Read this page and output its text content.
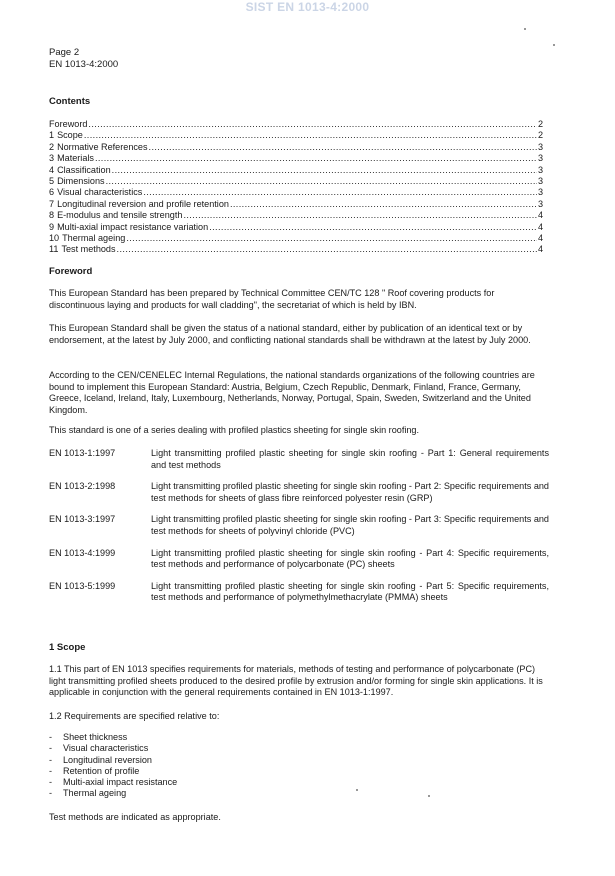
SIST EN 1013-4:2000
Page 2
EN 1013-4:2000
Contents
Foreword .....	2
1 Scope .....	2
2 Normative References .....	3
3 Materials .....	3
4 Classification .....	3
5 Dimensions .....	3
6 Visual characteristics .....	3
7 Longitudinal reversion and profile retention .....	3
8 E-modulus and tensile strength .....	4
9 Multi-axial impact resistance variation .....	4
10 Thermal ageing .....	4
11 Test methods .....	4
Foreword

This European Standard has been prepared by Technical Committee CEN/TC 128 " Roof covering products for discontinuous laying and products for wall cladding", the secretariat of which is held by IBN.

This European Standard shall be given the status of a national standard, either by publication of an identical text or by endorsement, at the latest by July 2000, and conflicting national standards shall be withdrawn at the latest by July 2000.

According to the CEN/CENELEC Internal Regulations, the national standards organizations of the following countries are bound to implement this European Standard: Austria, Belgium, Czech Republic, Denmark, Finland, France, Germany, Greece, Iceland, Ireland, Italy, Luxembourg, Netherlands, Norway, Portugal, Spain, Sweden, Switzerland and the United Kingdom.

This standard is one of a series dealing with profiled plastics sheeting for single skin roofing.

EN 1013-1:1997	Light transmitting profiled plastic sheeting for single skin roofing - Part 1: General requirements and test methods
EN 1013-2:1998	Light transmitting profiled plastic sheeting for single skin roofing - Part 2: Specific requirements and test methods for sheets of glass fibre reinforced polyester resin (GRP)
EN 1013-3:1997	Light transmitting profiled plastic sheeting for single skin roofing - Part 3: Specific requirements and test methods for sheets of polyvinyl chloride (PVC)
EN 1013-4:1999	Light transmitting profiled plastic sheeting for single skin roofing - Part 4: Specific requirements, test methods and performance of polycarbonate (PC) sheets
EN 1013-5:1999	Light transmitting profiled plastic sheeting for single skin roofing - Part 5: Specific requirements, test methods and performance of polymethylmethacrylate (PMMA) sheets
1 Scope

1.1 This part of EN 1013 specifies requirements for materials, methods of testing and performance of polycarbonate (PC) light transmitting profiled sheets produced to the desired profile by extrusion and/or forming for single skin applications. It is applicable in conjunction with the general requirements contained in EN 1013-1:1997.

1.2 Requirements are specified relative to:

- Sheet thickness
- Visual characteristics
- Longitudinal reversion
- Retention of profile
- Multi-axial impact resistance
- Thermal ageing

Test methods are indicated as appropriate.
